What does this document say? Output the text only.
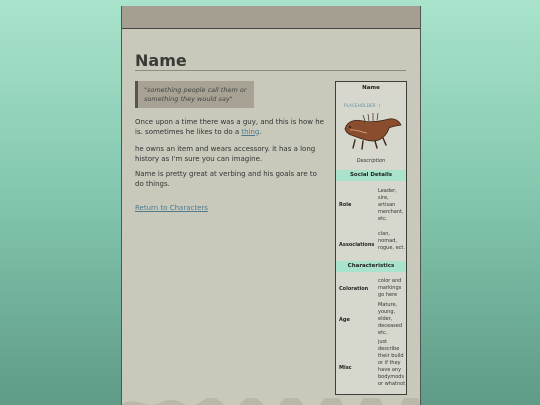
Name
"something people call them or something they would say"
Once upon a time there was a guy, and this is how he is. sometimes he likes to do a thing.
he owns an item and wears accessory. it has a long history as I'm sure you can imagine.
Name is pretty great at verbing and his goals are to do things.
Return to Characters
Name
PLACEHOLDER :)
Description
Social Details
Role
Leader, sire, artisan merchant, etc.
Associations
clan, nomad, rogue, ect.
Characteristics
Coloration
color and markings go here
Age
Mature, young, elder, deceased etc.
Misc
just describe their build or if they have any bodymods or whatnot
